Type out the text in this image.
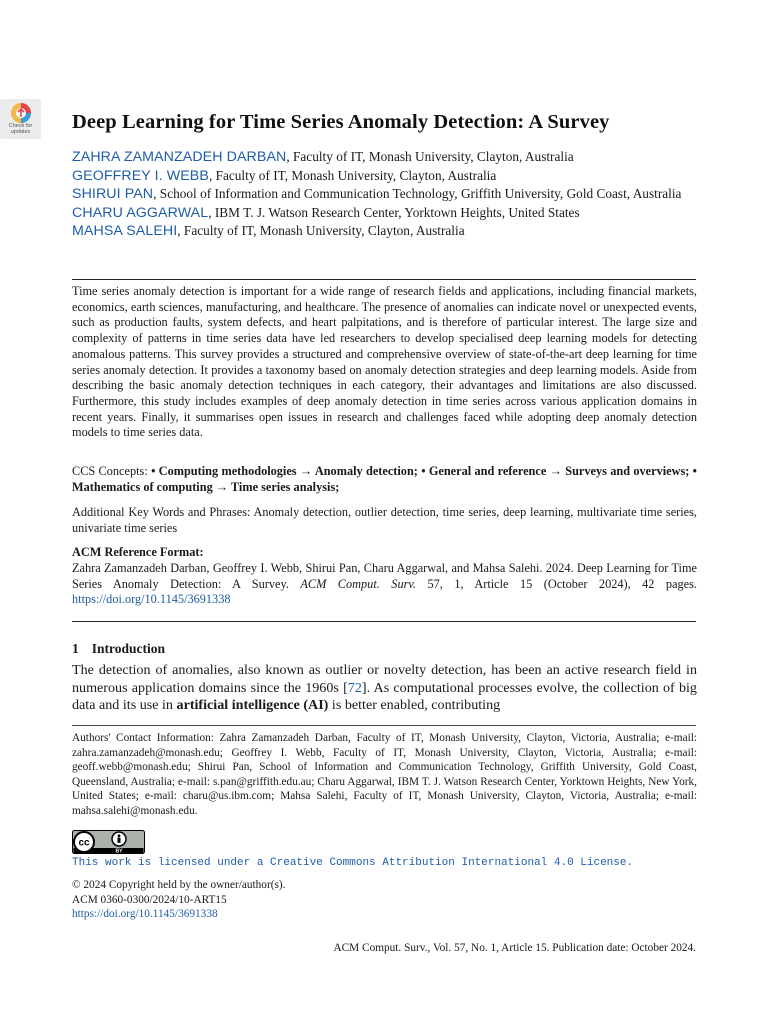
Check for
updates	Deep Learning for Time Series Anomaly Detection: A Survey
ZAHRA ZAMANZADEH DARBAN, Faculty of IT, Monash University, Clayton, Australia
GEOFFREY I. WEBB, Faculty of IT, Monash University, Clayton, Australia
SHIRUI PAN, School of Information and Communication Technology, Griffith University, Gold Coast, Australia
CHARU AGGARWAL, IBM T. J. Watson Research Center, Yorktown Heights, United States
MAHSA SALEHI, Faculty of IT, Monash University, Clayton, Australia

Time series anomaly detection is important for a wide range of research fields and applications, including financial markets, economics, earth sciences, manufacturing, and healthcare. The presence of anomalies can indicate novel or unexpected events, such as production faults, system defects, and heart palpitations, and is therefore of particular interest. The large size and complexity of patterns in time series data have led researchers to develop specialised deep learning models for detecting anomalous patterns. This survey provides a structured and comprehensive overview of state-of-the-art deep learning for time series anomaly detection. It provides a taxonomy based on anomaly detection strategies and deep learning models. Aside from describing the basic anomaly detection techniques in each category, their advantages and limitations are also discussed. Furthermore, this study includes examples of deep anomaly detection in time series across various application domains in recent years. Finally, it summarises open issues in research and challenges faced while adopting deep anomaly detection models to time series data.

CCS Concepts: • Computing methodologies → Anomaly detection; • General and reference → Surveys and overviews; • Mathematics of computing → Time series analysis;

Additional Key Words and Phrases: Anomaly detection, outlier detection, time series, deep learning, multivariate time series, univariate time series

ACM Reference Format:

Zahra Zamanzadeh Darban, Geoffrey I. Webb, Shirui Pan, Charu Aggarwal, and Mahsa Salehi. 2024. Deep Learning for Time Series Anomaly Detection: A Survey. ACM Comput. Surv. 57, 1, Article 15 (October 2024), 42 pages. https://doi.org/10.1145/3691338

1 Introduction

The detection of anomalies, also known as outlier or novelty detection, has been an active research field in numerous application domains since the 1960s [72]. As computational processes evolve, the collection of big data and its use in artificial intelligence (AI) is better enabled, contributing

Authors' Contact Information: Zahra Zamanzadeh Darban, Faculty of IT, Monash University, Clayton, Victoria, Australia; e-mail: zahra.zamanzadeh@monash.edu; Geoffrey I. Webb, Faculty of IT, Monash University, Clayton, Victoria, Australia; e-mail: geoff.webb@monash.edu; Shirui Pan, School of Information and Communication Technology, Griffith University, Gold Coast, Queensland, Australia; e-mail: s.pan@griffith.edu.au; Charu Aggarwal, IBM T. J. Watson Research Center, Yorktown Heights, New York, United States; e-mail: charu@us.ibm.com; Mahsa Salehi, Faculty of IT, Monash University, Clayton, Victoria, Australia; e-mail: mahsa.salehi@monash.edu.

cc
BY
This work is licensed under a Creative Commons Attribution International 4.0 License.
© 2024 Copyright held by the owner/author(s).
ACM 0360-0300/2024/10-ART15
https://doi.org/10.1145/3691338
ACM Comput. Surv., Vol. 57, No. 1, Article 15. Publication date: October 2024.
